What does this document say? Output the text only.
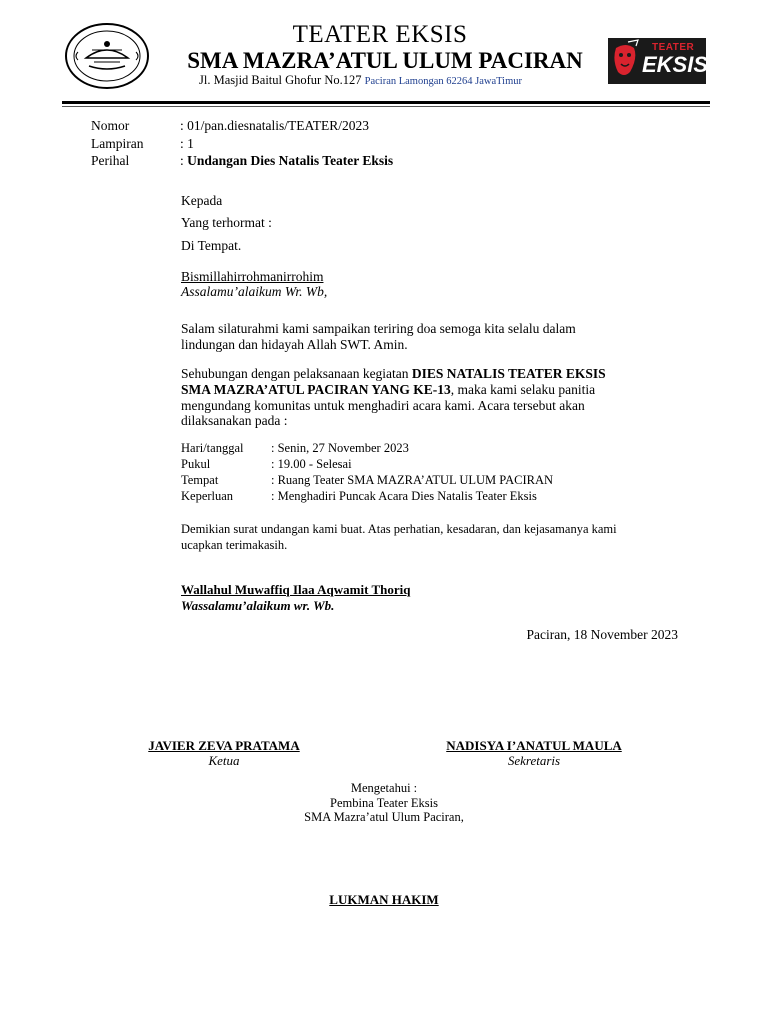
TEATER EKSIS
SMA MAZRA’ATUL ULUM PACIRAN
Jl. Masjid Baitul Ghofur No.127 Paciran Lamongan 62264 JawaTimur
TEATER
EKSIS
Nomor	: 01/pan.diesnatalis/TEATER/2023
Lampiran	: 1
Perihal	: Undangan Dies Natalis Teater Eksis
Kepada
Yang terhormat :
Di Tempat.
Bismillahirrohmanirrohim
Assalamu’alaikum Wr. Wb,
Salam silaturahmi kami sampaikan teriring doa semoga kita selalu dalam
lindungan dan hidayah Allah SWT. Amin.
Sehubungan dengan pelaksanaan kegiatan DIES NATALIS TEATER EKSIS
SMA MAZRA’ATUL PACIRAN YANG KE-13, maka kami selaku panitia
mengundang komunitas untuk menghadiri acara kami. Acara tersebut akan
dilaksanakan pada :
Hari/tanggal : Senin, 27 November 2023
Pukul	: 19.00 - Selesai
Tempat	: Ruang Teater SMA MAZRA’ATUL ULUM PACIRAN
Keperluan	: Menghadiri Puncak Acara Dies Natalis Teater Eksis
Demikian surat undangan kami buat. Atas perhatian, kesadaran, dan kejasamanya kami
ucapkan terimakasih.
Wallahul Muwaffiq Ilaa Aqwamit Thoriq
Wassalamu’alaikum wr. Wb.
Paciran, 18 November 2023
JAVIER ZEVA PRATAMA
Ketua
NADISYA I’ANATUL MAULA
Sekretaris
Mengetahui :
Pembina Teater Eksis
SMA Mazra’atul Ulum Paciran,
LUKMAN HAKIM
